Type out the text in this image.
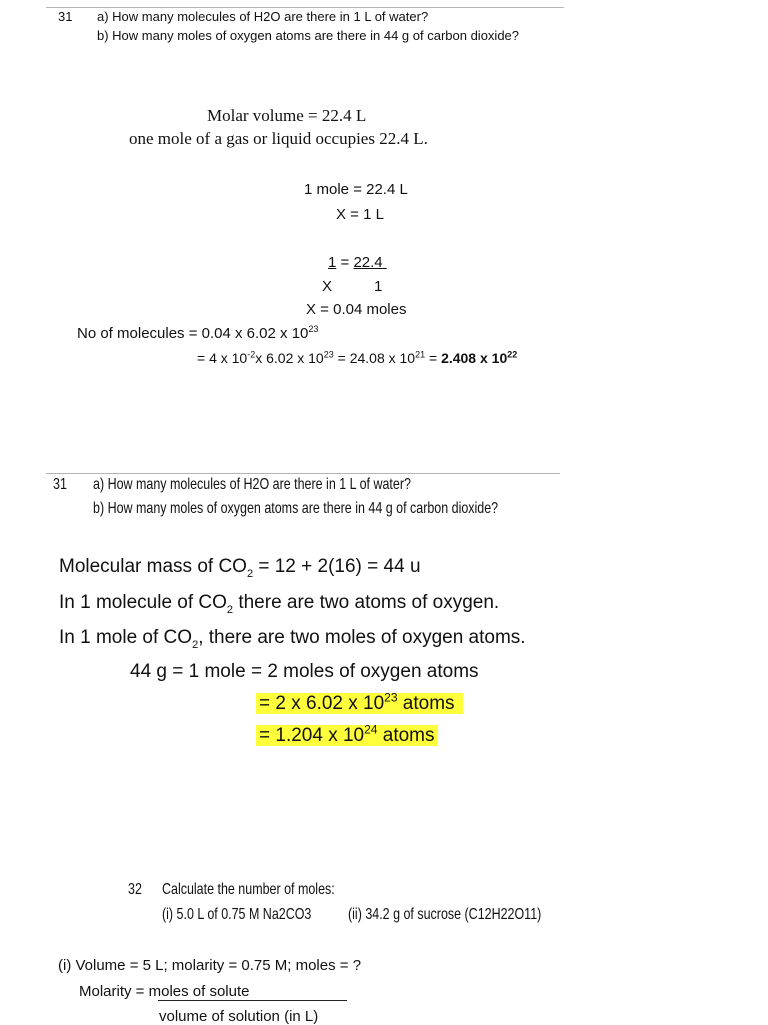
31 a) How many molecules of H2O are there in 1 L of water?
b) How many moles of oxygen atoms are there in 44 g of carbon dioxide?
Molar volume = 22.4 L
one mole of a gas or liquid occupies 22.4 L.
1 mole = 22.4 L
X = 1 L
1 = 22.4
X	1
X = 0.04 moles
No of molecules = 0.04 x 6.02 x $10^{23}$
= 4 x $10^{-2}x$ 6.02 x $10^{23} = 24.08$ x $10^{21} = 2.408$ x $10^{22}$
31 a) How many molecules of H2O are there in 1 L of water?
b) How many moles of oxygen atoms are there in 44 g of carbon dioxide?
Molecular mass of $CO_2 = 12 + 2(16) = 44$ u
In 1 molecule of $CO_2$ there are two atoms of oxygen.
In 1 mole of $CO_2$, there are two moles of oxygen atoms.
44 g = 1 mole = 2 moles of oxygen atoms
= 2 x 6.02 x $10^{23}$ atoms
= 1.204 x $10^{24}$ atoms
32 Calculate the number of moles:
(i) 5.0 L of 0.75 M Na2CO3 (ii) 34.2 g of sucrose (C12H22O11)
(i) Volume = 5 L; molarity = 0.75 M; moles = ?
Molarity = moles of solute
volume of solution (in L)
